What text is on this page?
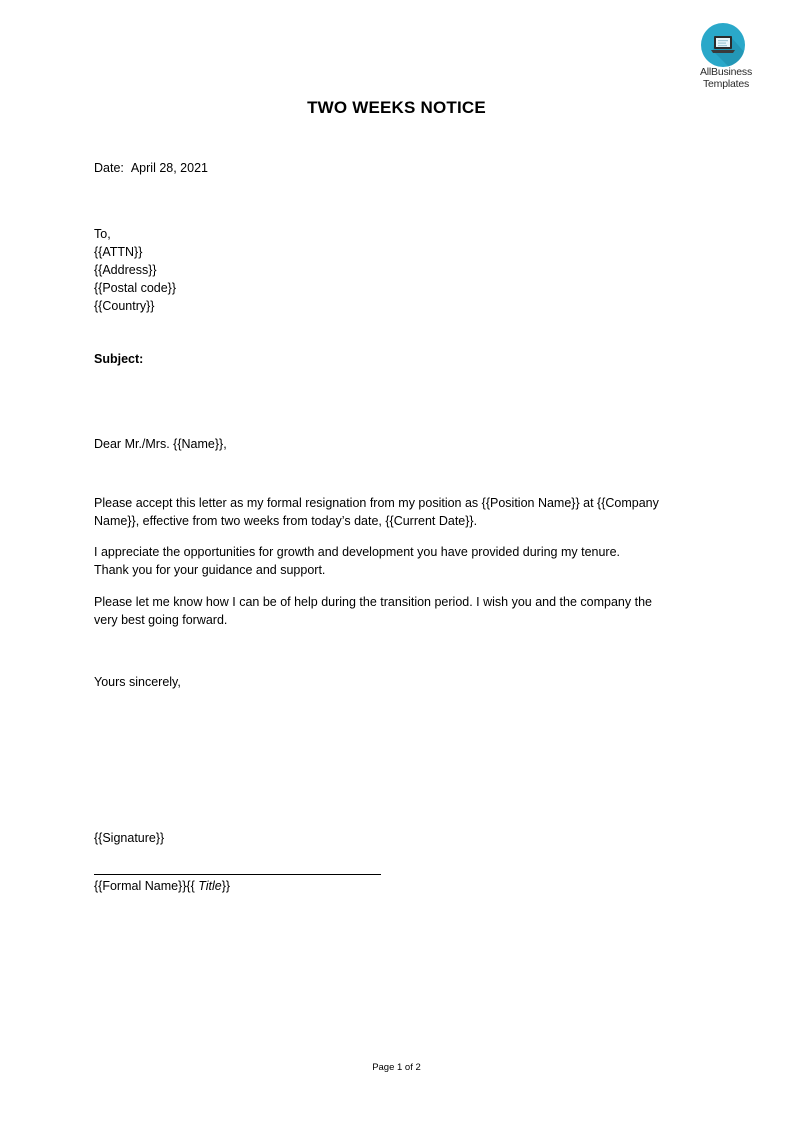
AllBusiness
Templates
TWO WEEKS NOTICE
Date: April 28, 2021
To,
{{ATTN}}
{{Address}}
{{Postal code}}
{{Country}}
Subject:
Dear Mr./Mrs. {{Name}},
Please accept this letter as my formal resignation from my position as {{Position Name}} at {{Company
Name}}, effective from two weeks from today’s date, {{Current Date}}.
I appreciate the opportunities for growth and development you have provided during my tenure.
Thank you for your guidance and support.
Please let me know how I can be of help during the transition period. I wish you and the company the
very best going forward.
Yours sincerely,
{{Signature}}
{{Formal Name}}{{ Title}}
Page 1 of 2
